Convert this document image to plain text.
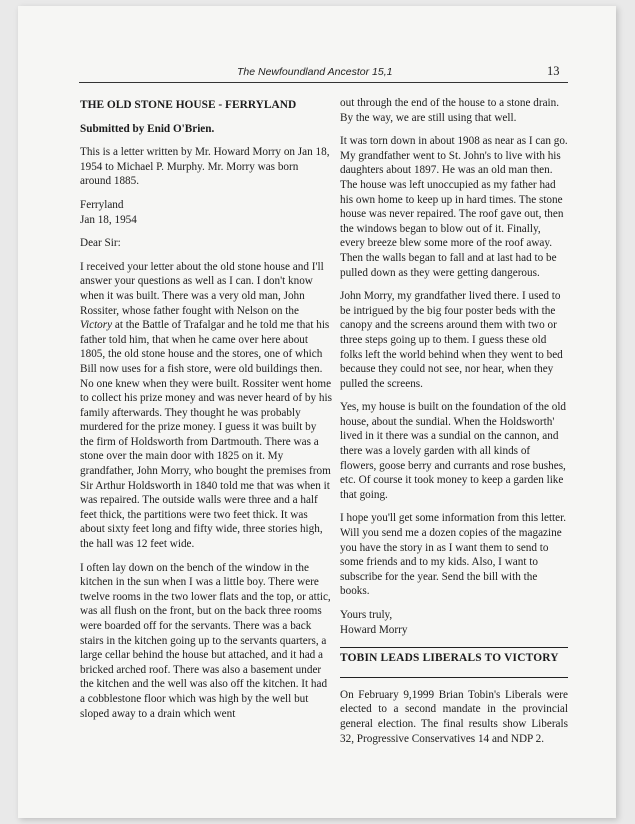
The Newfoundland Ancestor 15,1	13

THE OLD STONE HOUSE - FERRYLAND

Submitted by Enid O'Brien.

This is a letter written by Mr. Howard Morry on Jan 18, 1954 to Michael P. Murphy. Mr. Morry was born around 1885.

Ferryland
Jan 18, 1954

Dear Sir:

I received your letter about the old stone house and I'll answer your questions as well as I can. I don't know when it was built. There was a very old man, John Rossiter, whose father fought with Nelson on the Victory at the Battle of Trafalgar and he told me that his father told him, that when he came over here about 1805, the old stone house and the stores, one of which Bill now uses for a fish store, were old buildings then. No one knew when they were built. Rossiter went home to collect his prize money and was never heard of by his family afterwards. They thought he was probably murdered for the prize money. I guess it was built by the firm of Holdsworth from Dartmouth. There was a stone over the main door with 1825 on it. My grandfather, John Morry, who bought the premises from Sir Arthur Holdsworth in 1840 told me that was when it was repaired. The outside walls were three and a half feet thick, the partitions were two feet thick. It was about sixty feet long and fifty wide, three stories high, the hall was 12 feet wide.

I often lay down on the bench of the window in the kitchen in the sun when I was a little boy. There were twelve rooms in the two lower flats and the top, or attic, was all flush on the front, but on the back three rooms were boarded off for the servants. There was a back stairs in the kitchen going up to the servants quarters, a large cellar behind the house but attached, and it had a bricked arched roof. There was also a basement under the kitchen and the well was also off the kitchen. It had a cobblestone floor which was high by the well but sloped away to a drain which went

out through the end of the house to a stone drain. By the way, we are still using that well.

It was torn down in about 1908 as near as I can go. My grandfather went to St. John's to live with his daughters about 1897. He was an old man then. The house was left unoccupied as my father had his own home to keep up in hard times. The stone house was never repaired. The roof gave out, then the windows began to blow out of it. Finally, every breeze blew some more of the roof away. Then the walls began to fall and at last had to be pulled down as they were getting dangerous.

John Morry, my grandfather lived there. I used to be intrigued by the big four poster beds with the canopy and the screens around them with two or three steps going up to them. I guess these old folks left the world behind when they went to bed because they could not see, nor hear, when they pulled the screens.

Yes, my house is built on the foundation of the old house, about the sundial. When the Holdsworth' lived in it there was a sundial on the cannon, and there was a lovely garden with all kinds of flowers, goose berry and currants and rose bushes, etc. Of course it took money to keep a garden like that going.

I hope you'll get some information from this letter. Will you send me a dozen copies of the magazine you have the story in as I want them to send to some friends and to my kids. Also, I want to subscribe for the year. Send the bill with the books.

Yours truly,
Howard Morry

TOBIN LEADS LIBERALS TO VICTORY

On February 9,1999 Brian Tobin's Liberals were elected to a second mandate in the provincial general election. The final results show Liberals 32, Progressive Conservatives 14 and NDP 2.
